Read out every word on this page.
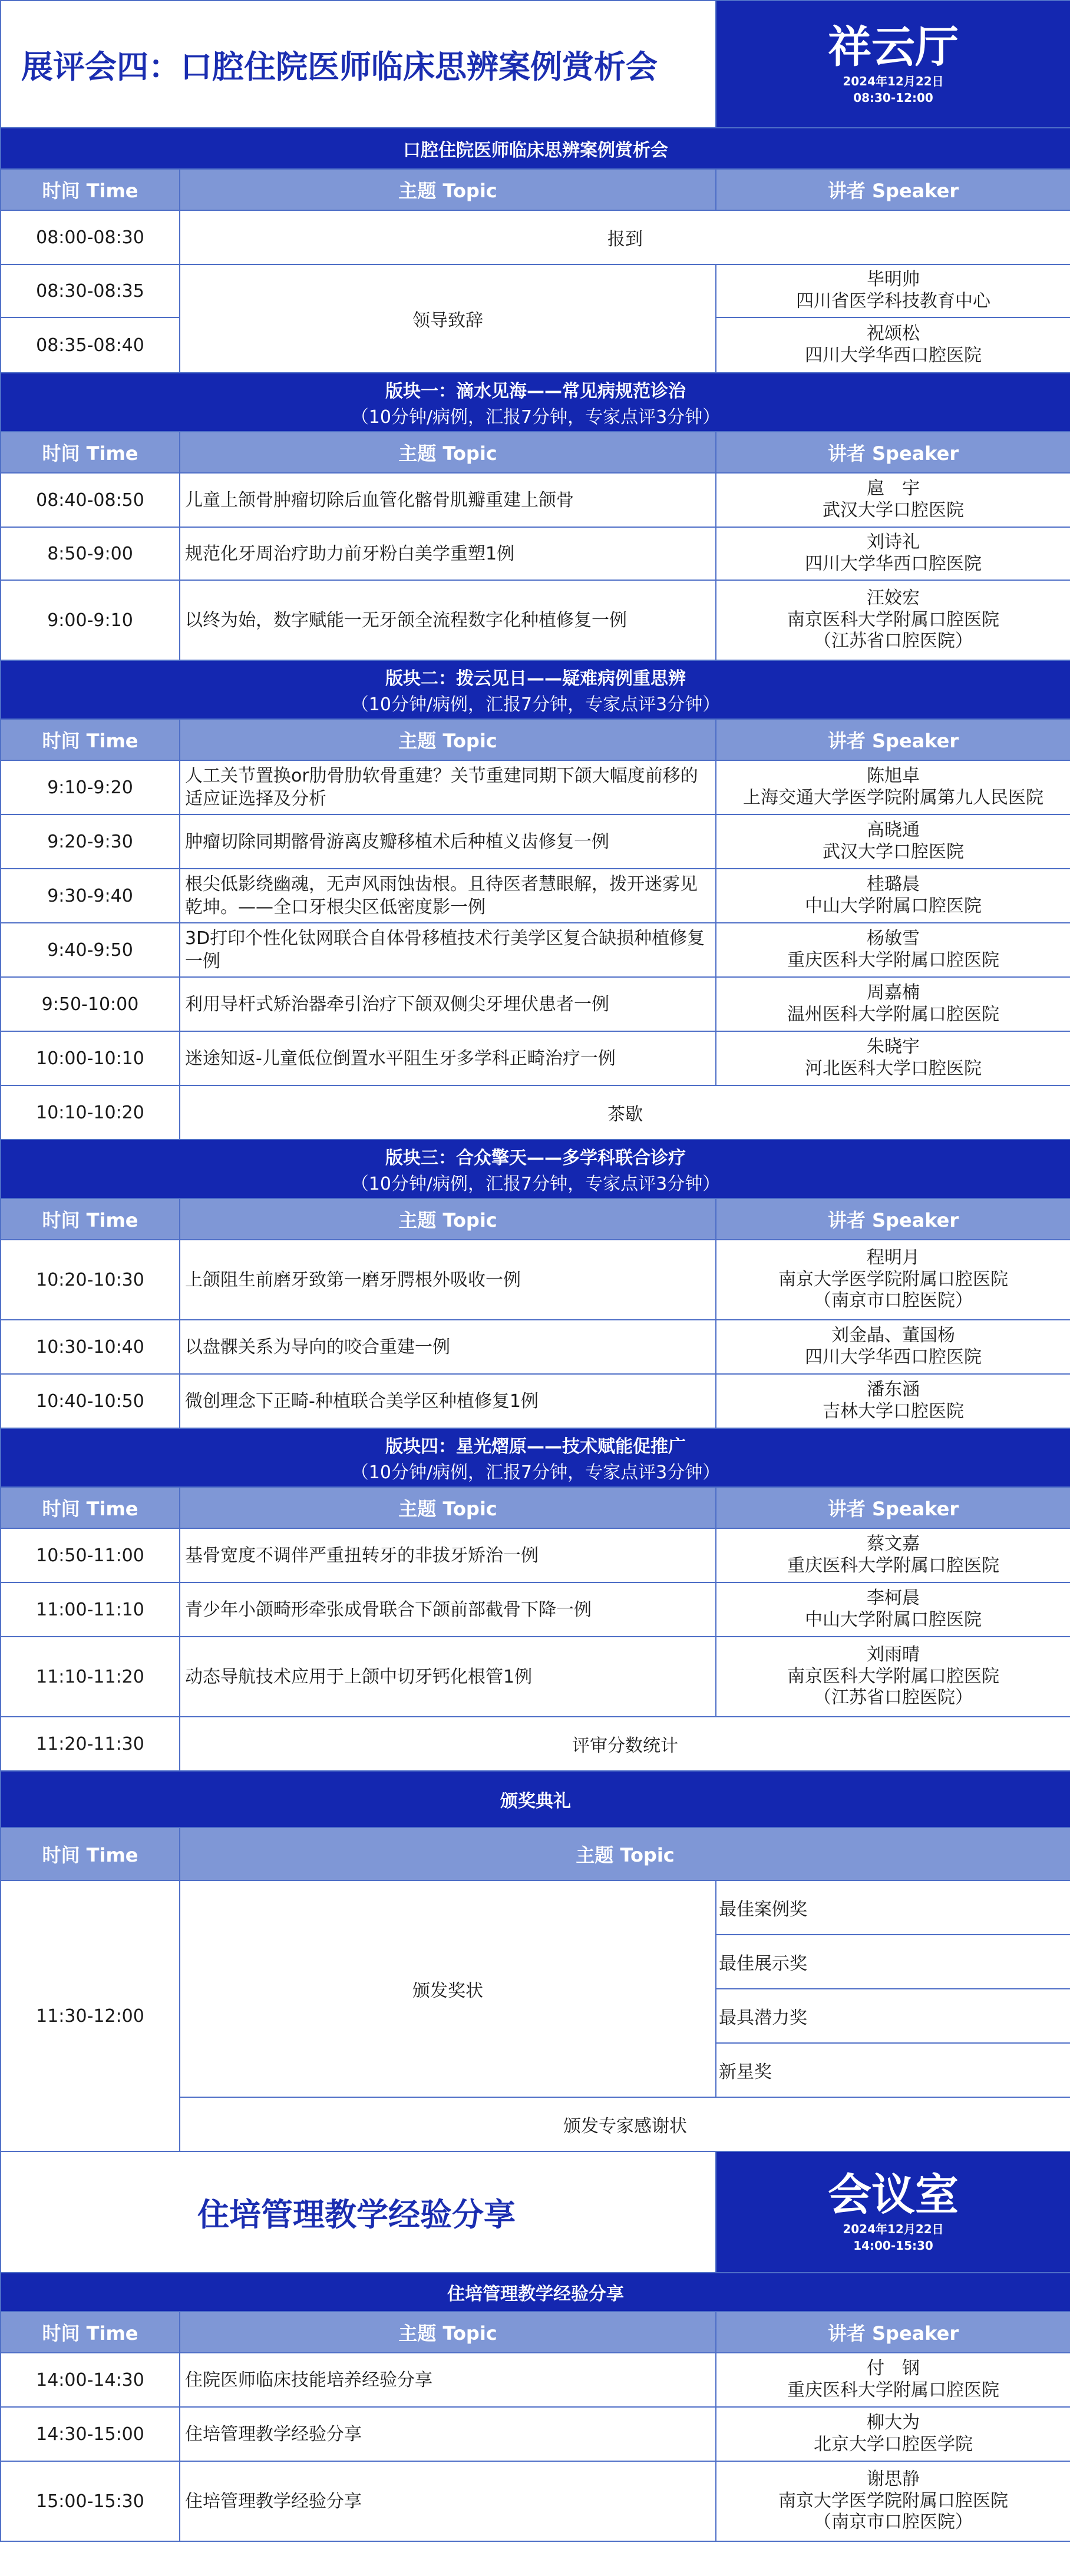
展评会四：口腔住院医师临床思辨案例赏析会		祥云厅
2024年12月22日
08:30-12:00

口腔住院医师临床思辨案例赏析会		
时间 Time	主题 Topic	讲者 Speaker
08:00-08:30	报到	
08:30-08:35	领导致辞	毕明帅
四川省医学科技教育中心

08:35-08:40		祝颂松
四川大学华西口腔医院

版块一：滴水见海——常见病规范诊治
（10分钟/病例，汇报7分钟，专家点评3分钟）		

时间 Time	主题 Topic	讲者 Speaker
08:40-08:50	儿童上颌骨肿瘤切除后血管化髂骨肌瓣重建上颌骨	扈　宇
武汉大学口腔医院

8:50-9:00	规范化牙周治疗助力前牙粉白美学重塑1例	刘诗礼
四川大学华西口腔医院

9:00-9:10	以终为始，数字赋能一无牙颌全流程数字化种植修复一例	汪姣宏
南京医科大学附属口腔医院
（江苏省口腔医院）

版块二：拨云见日——疑难病例重思辨
（10分钟/病例，汇报7分钟，专家点评3分钟）		

时间 Time	主题 Topic	讲者 Speaker
9:10-9:20	人工关节置换or肋骨肋软骨重建？关节重建同期下颌大幅度前移的适应证选择及分析	陈旭卓
上海交通大学医学院附属第九人民医院

9:20-9:30	肿瘤切除同期髂骨游离皮瓣移植术后种植义齿修复一例	高晓通
武汉大学口腔医院

9:30-9:40	根尖低影绕幽魂，无声风雨蚀齿根。且待医者慧眼解，拨开迷雾见乾坤。——全口牙根尖区低密度影一例	桂璐晨
中山大学附属口腔医院

9:40-9:50	3D打印个性化钛网联合自体骨移植技术行美学区复合缺损种植修复一例	杨敏雪
重庆医科大学附属口腔医院

9:50-10:00	利用导杆式矫治器牵引治疗下颌双侧尖牙埋伏患者一例	周嘉楠
温州医科大学附属口腔医院

10:00-10:10	迷途知返-儿童低位倒置水平阻生牙多学科正畸治疗一例	朱晓宇
河北医科大学口腔医院

10:10-10:20	茶歇	

版块三：合众擎天——多学科联合诊疗
（10分钟/病例，汇报7分钟，专家点评3分钟）		

时间 Time	主题 Topic	讲者 Speaker
10:20-10:30	上颌阻生前磨牙致第一磨牙腭根外吸收一例	程明月
南京大学医学院附属口腔医院
（南京市口腔医院）

10:30-10:40	以盘髁关系为导向的咬合重建一例	刘金晶、董国杨
四川大学华西口腔医院

10:40-10:50	微创理念下正畸-种植联合美学区种植修复1例	潘东涵
吉林大学口腔医院

版块四：星光熠原——技术赋能促推广
（10分钟/病例，汇报7分钟，专家点评3分钟）		

时间 Time	主题 Topic	讲者 Speaker
10:50-11:00	基骨宽度不调伴严重扭转牙的非拔牙矫治一例	蔡文嘉
重庆医科大学附属口腔医院

11:00-11:10	青少年小颌畸形牵张成骨联合下颌前部截骨下降一例	李柯晨
中山大学附属口腔医院

11:10-11:20	动态导航技术应用于上颌中切牙钙化根管1例	刘雨晴
南京医科大学附属口腔医院
（江苏省口腔医院）

11:20-11:30	评审分数统计	
颁奖典礼		
时间 Time	主题 Topic	
11:30-12:00	颁发奖状	最佳案例奖
		最佳展示奖
		最具潜力奖
		新星奖
	颁发专家感谢状	
住培管理教学经验分享		会议室
2024年12月22日
14:00-15:30

住培管理教学经验分享		
时间 Time	主题 Topic	讲者 Speaker
14:00-14:30	住院医师临床技能培养经验分享	付　钢
重庆医科大学附属口腔医院

14:30-15:00	住培管理教学经验分享	柳大为
北京大学口腔医学院

15:00-15:30	住培管理教学经验分享	谢思静
南京大学医学院附属口腔医院
（南京市口腔医院）
